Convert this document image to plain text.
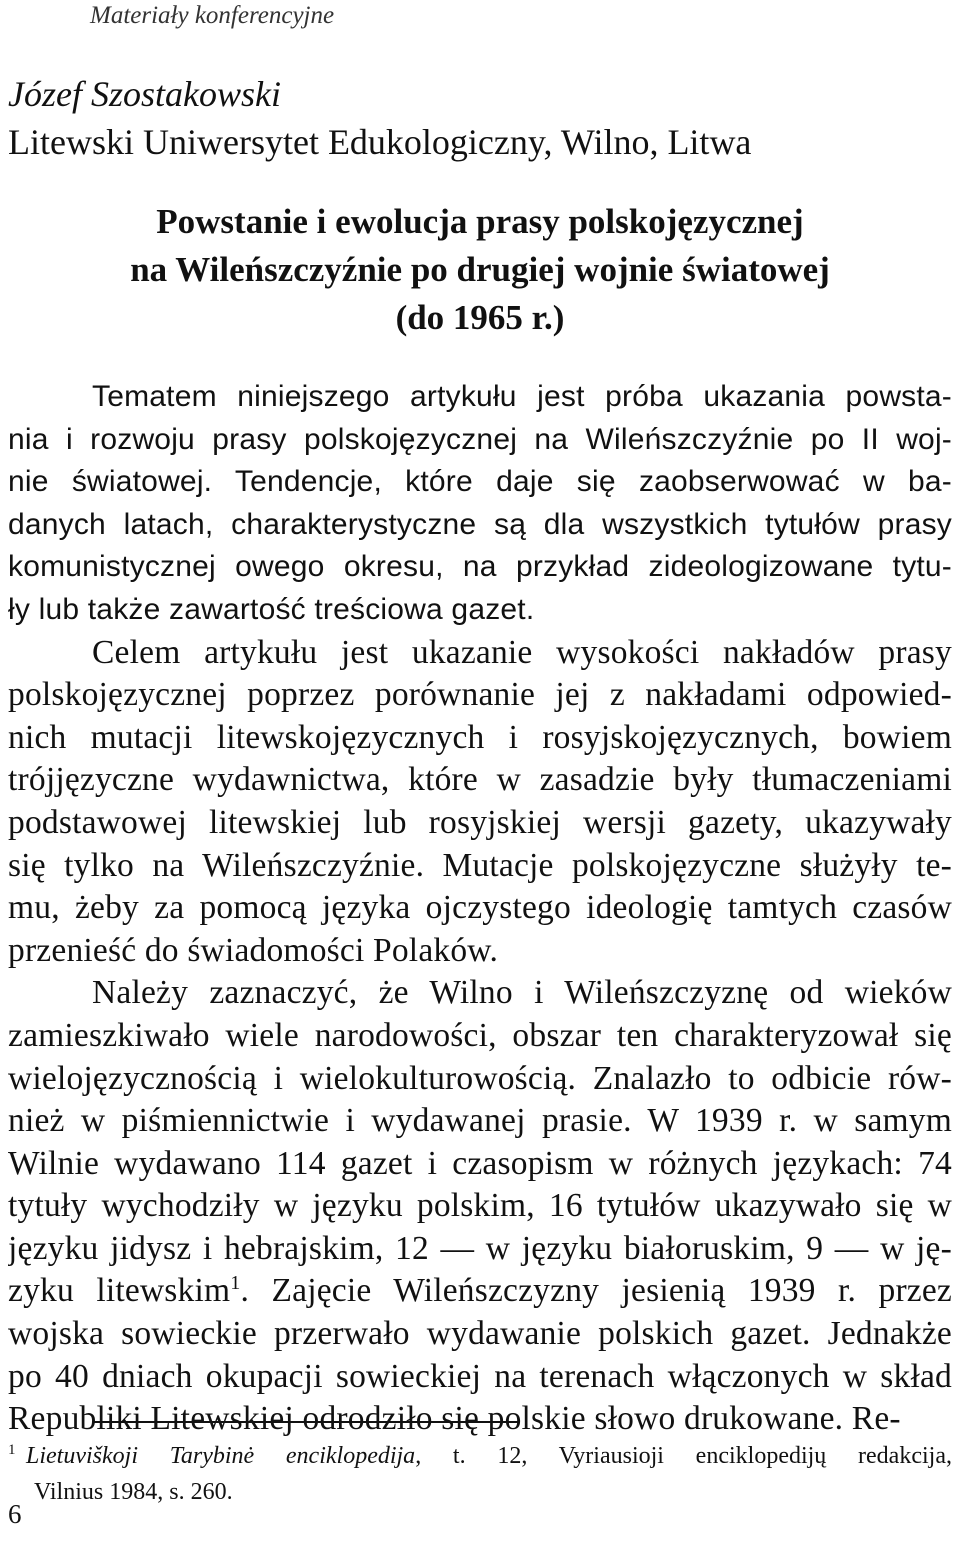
Materiały konferencyjne
Józef Szostakowski
Litewski Uniwersytet Edukologiczny, Wilno, Litwa
Powstanie i ewolucja prasy polskojęzycznej
na Wileńszczyźnie po drugiej wojnie światowej
(do 1965 r.)
Tematem niniejszego artykułu jest próba ukazania powsta-
nia i rozwoju prasy polskojęzycznej na Wileńszczyźnie po II woj-
nie światowej. Tendencje, które daje się zaobserwować w ba-
danych latach, charakterystyczne są dla wszystkich tytułów prasy
komunistycznej owego okresu, na przykład zideologizowane tytu-
ły lub także zawartość treściowa gazet.
Celem artykułu jest ukazanie wysokości nakładów prasy
polskojęzycznej poprzez porównanie jej z nakładami odpowied-
nich mutacji litewskojęzycznych i rosyjskojęzycznych, bowiem
trójjęzyczne wydawnictwa, które w zasadzie były tłumaczeniami
podstawowej litewskiej lub rosyjskiej wersji gazety, ukazywały
się tylko na Wileńszczyźnie. Mutacje polskojęzyczne służyły te-
mu, żeby za pomocą języka ojczystego ideologię tamtych czasów
przenieść do świadomości Polaków.
Należy zaznaczyć, że Wilno i Wileńszczyznę od wieków
zamieszkiwało wiele narodowości, obszar ten charakteryzował się
wielojęzycznością i wielokulturowością. Znalazło to odbicie rów-
nież w piśmiennictwie i wydawanej prasie. W 1939 r. w samym
Wilnie wydawano 114 gazet i czasopism w różnych językach: 74
tytuły wychodziły w języku polskim, 16 tytułów ukazywało się w
języku jidysz i hebrajskim, 12 — w języku białoruskim, 9 — w ję-
zyku litewskim$^1$. Zajęcie Wileńszczyzny jesienią 1939 r. przez
wojska sowieckie przerwało wydawanie polskich gazet. Jednakże
po 40 dniach okupacji sowieckiej na terenach włączonych w skład
Republiki Litewskiej odrodziło się polskie słowo drukowane. Re-
1 Lietuviškoji Tarybinė enciklopedija, t. 12, Vyriausioji enciklopedijų redakcija,
Vilnius 1984, s. 260.
6
